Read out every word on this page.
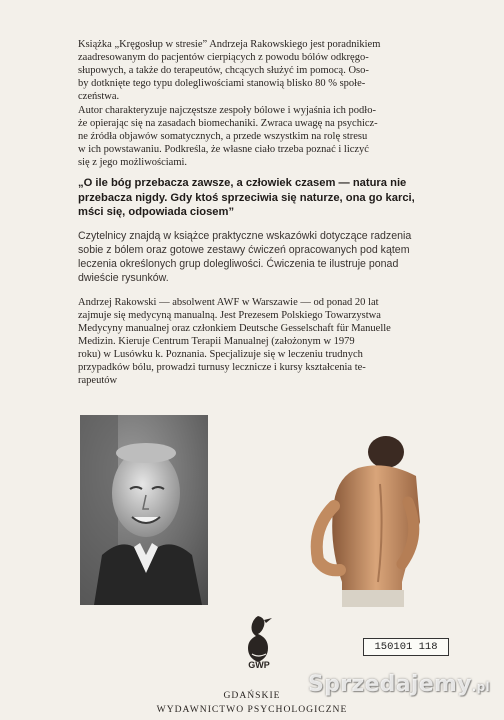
Książka „Kręgosłup w stresie” Andrzeja Rakowskiego jest poradnikiem
zaadresowanym do pacjentów cierpiących z powodu bólów odkręgo-
słupowych, a także do terapeutów, chcących służyć im pomocą. Oso-
by dotknięte tego typu dolegliwościami stanowią blisko 80 % społe-
czeństwa.
Autor charakteryzuje najczęstsze zespoły bólowe i wyjaśnia ich podło-
że opierając się na zasadach biomechaniki. Zwraca uwagę na psychicz-
ne źródła objawów somatycznych, a przede wszystkim na rolę stresu
w ich powstawaniu. Podkreśla, że własne ciało trzeba poznać i liczyć
się z jego możliwościami.
„O ile bóg przebacza zawsze, a człowiek czasem — natura nie
przebacza nigdy. Gdy ktoś sprzeciwia się naturze, ona go karci,
mści się, odpowiada ciosem”
Czytelnicy znajdą w książce praktyczne wskazówki dotyczące radzenia
sobie z bólem oraz gotowe zestawy ćwiczeń opracowanych pod kątem
leczenia określonych grup dolegliwości. Ćwiczenia te ilustruje ponad
dwieście rysunków.
Andrzej Rakowski — absolwent AWF w Warszawie — od ponad 20 lat
zajmuje się medycyną manualną. Jest Prezesem Polskiego Towarzystwa
Medycyny manualnej oraz członkiem Deutsche Gesselschaft für Manuelle
Medizin. Kieruje Centrum Terapii Manualnej (założonym w 1979
roku) w Lusówku k. Poznania. Specjalizuje się w leczeniu trudnych
przypadków bólu, prowadzi turnusy lecznicze i kursy kształcenia te-
rapeutów
GWP
150101 118
GDAŃSKIE
WYDAWNICTWO PSYCHOLOGICZNE
Sprzedajemy.pl
